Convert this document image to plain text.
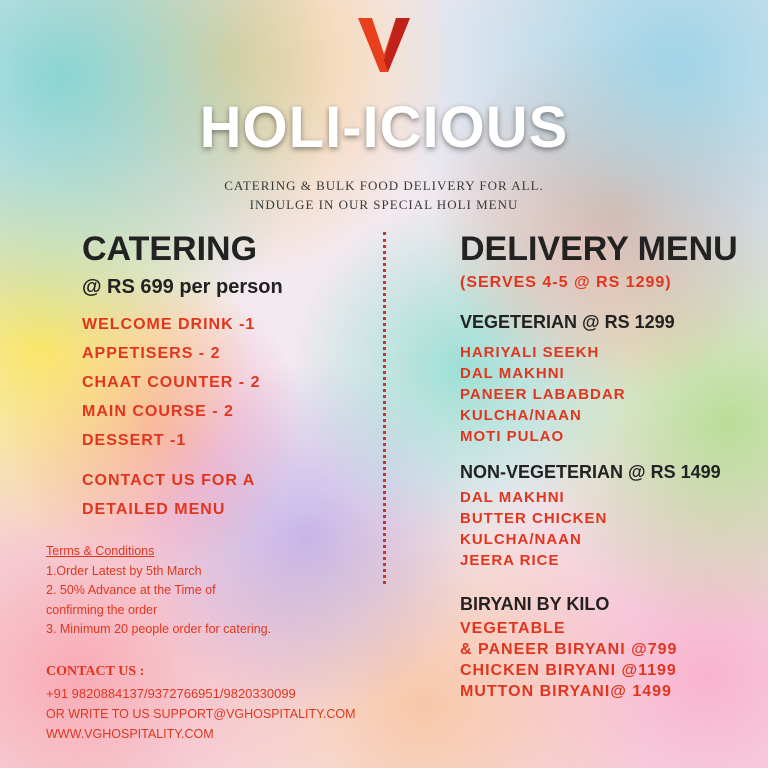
HOLI-ICIOUS
CATERING & BULK FOOD DELIVERY FOR ALL.
INDULGE IN OUR SPECIAL HOLI MENU
CATERING
@ RS 699 per person
WELCOME DRINK -1
APPETISERS - 2
CHAAT COUNTER - 2
MAIN COURSE - 2
DESSERT -1
CONTACT US FOR A
DETAILED MENU
Terms & Conditions
1.Order Latest by 5th March
2. 50% Advance at the Time of
confirming the order
3. Minimum 20 people order for catering.
CONTACT US :
+91 9820884137/9372766951/9820330099
OR WRITE TO US SUPPORT@VGHOSPITALITY.COM
WWW.VGHOSPITALITY.COM
DELIVERY MENU
(SERVES 4-5 @ RS 1299)
VEGETERIAN @ RS 1299
HARIYALI SEEKH
DAL MAKHNI
PANEER LABABDAR
KULCHA/NAAN
MOTI PULAO
NON-VEGETERIAN @ RS 1499
DAL MAKHNI
BUTTER CHICKEN
KULCHA/NAAN
JEERA RICE
BIRYANI BY KILO
VEGETABLE
& PANEER BIRYANI @799
CHICKEN BIRYANI @1199
MUTTON BIRYANI@ 1499
